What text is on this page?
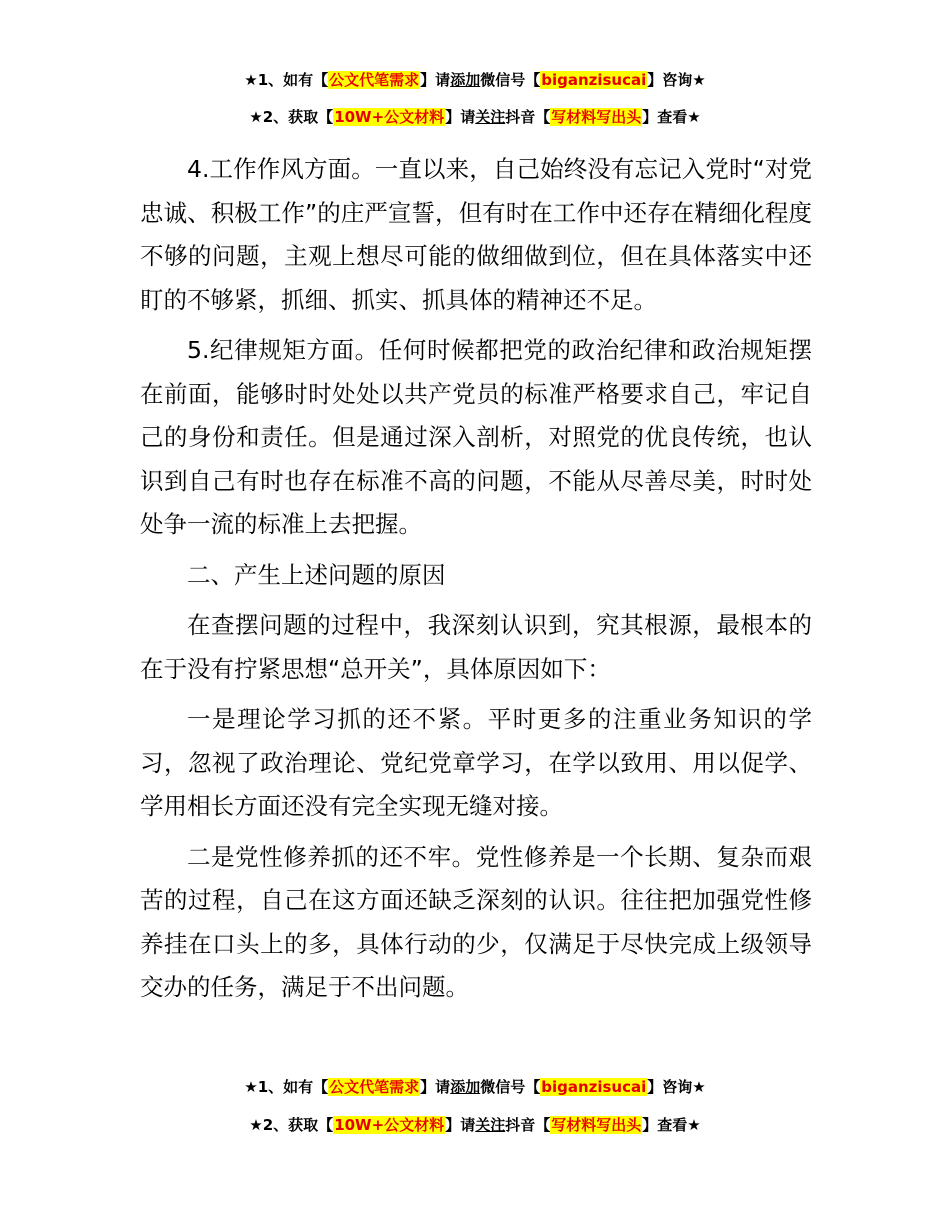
★1、如有【公文代笔需求】请添加微信号【biganzisucai】咨询★
★2、获取【10W+公文材料】请关注抖音【写材料写出头】查看★

4.工作作风方面。一直以来，自己始终没有忘记入党时“对党忠诚、积极工作”的庄严宣誓，但有时在工作中还存在精细化程度不够的问题，主观上想尽可能的做细做到位，但在具体落实中还盯的不够紧，抓细、抓实、抓具体的精神还不足。

5.纪律规矩方面。任何时候都把党的政治纪律和政治规矩摆在前面，能够时时处处以共产党员的标准严格要求自己，牢记自己的身份和责任。但是通过深入剖析，对照党的优良传统，也认识到自己有时也存在标准不高的问题，不能从尽善尽美，时时处处争一流的标准上去把握。

二、产生上述问题的原因

在查摆问题的过程中，我深刻认识到，究其根源，最根本的在于没有拧紧思想“总开关”，具体原因如下：

一是理论学习抓的还不紧。平时更多的注重业务知识的学习，忽视了政治理论、党纪党章学习，在学以致用、用以促学、学用相长方面还没有完全实现无缝对接。

二是党性修养抓的还不牢。党性修养是一个长期、复杂而艰苦的过程，自己在这方面还缺乏深刻的认识。往往把加强党性修养挂在口头上的多，具体行动的少，仅满足于尽快完成上级领导交办的任务，满足于不出问题。

★1、如有【公文代笔需求】请添加微信号【biganzisucai】咨询★
★2、获取【10W+公文材料】请关注抖音【写材料写出头】查看★
